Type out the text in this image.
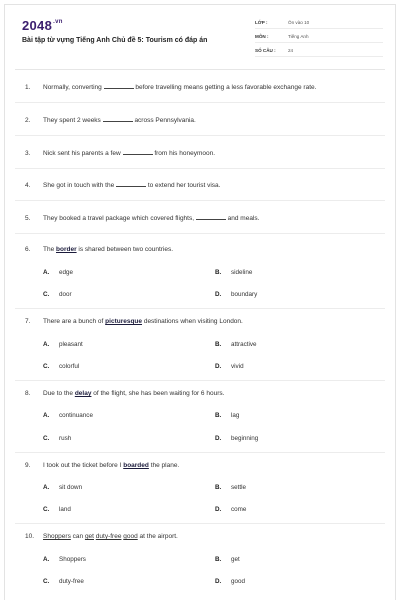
$2048^{.vn}$
Bài tập từ vựng Tiếng Anh Chủ đề 5: Tourism có đáp án
LỚP :	Ôn vào 10
MÔN :	Tiếng Anh
SỐ CÂU :	24
1. Normally, converting	before travelling means getting a less favorable exchange rate.
2. They spent 2 weeks	across Pennsylvania.
3. Nick sent his parents a few	from his honeymoon.
4. She got in touch with the	to extend her tourist visa.
5. They booked a travel package which covered flights,	and meals.
6. The border is shared between two countries.
A. edge	B. sideline
C. door	D. boundary
7. There are a bunch of picturesque destinations when visiting London.
A. pleasant	B. attractive
C. colorful	D. vivid
8. Due to the delay of the flight, she has been waiting for 6 hours.
A. continuance	B. lag
C. rush	D. beginning
9. I took out the ticket before I boarded the plane.
A. sit down	B. settle
C. land	D. come
10. Shoppers can get duty-free good at the airport.
A. Shoppers	B. get
C. duty-free	D. good
